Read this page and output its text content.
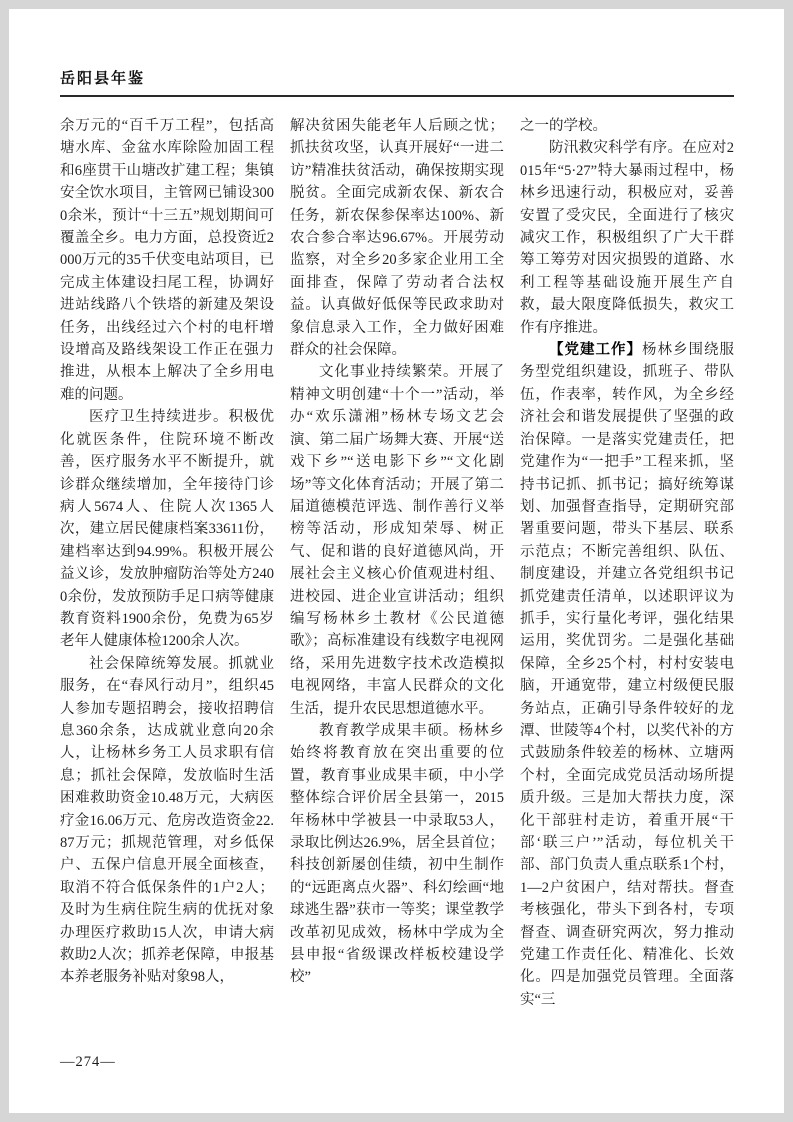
岳阳县年鉴

余万元的“百千万工程”，包括高塘水库、金盆水库除险加固工程和6座贯干山塘改扩建工程；集镇安全饮水项目，主管网已铺设3000余米，预计“十三五”规划期间可覆盖全乡。电力方面，总投资近2000万元的35千伏变电站项目，已完成主体建设扫尾工程，协调好进站线路八个铁塔的新建及架设任务，出线经过六个村的电杆增设增高及路线架设工作正在强力推进，从根本上解决了全乡用电难的问题。

医疗卫生持续进步。积极优化就医条件，住院环境不断改善，医疗服务水平不断提升，就诊群众继续增加，全年接待门诊病人5674人、住院人次1365人次，建立居民健康档案33611份，建档率达到94.99%。积极开展公益义诊，发放肿瘤防治等处方2400余份，发放预防手足口病等健康教育资料1900余份，免费为65岁老年人健康体检1200余人次。

社会保障统筹发展。抓就业服务，在“春风行动月”，组织45人参加专题招聘会，接收招聘信息360余条，达成就业意向20余人，让杨林乡务工人员求职有信息；抓社会保障，发放临时生活困难救助资金10.48万元，大病医疗金16.06万元、危房改造资金22.87万元；抓规范管理，对乡低保户、五保户信息开展全面核查，取消不符合低保条件的1户2人；及时为生病住院生病的优抚对象办理医疗救助15人次，申请大病救助2人次；抓养老保障，申报基本养老服务补贴对象98人，

解决贫困失能老年人后顾之忧；抓扶贫攻坚，认真开展好“一进二访”精准扶贫活动，确保按期实现脱贫。全面完成新农保、新农合任务，新农保参保率达100%、新农合参合率达96.67%。开展劳动监察，对全乡20多家企业用工全面排查，保障了劳动者合法权益。认真做好低保等民政求助对象信息录入工作，全力做好困难群众的社会保障。

文化事业持续繁荣。开展了精神文明创建“十个一”活动，举办“欢乐潇湘”杨林专场文艺会演、第二届广场舞大赛、开展“送戏下乡”“送电影下乡”“文化剧场”等文化体育活动；开展了第二届道德模范评选、制作善行义举榜等活动，形成知荣辱、树正气、促和谐的良好道德风尚，开展社会主义核心价值观进村组、进校园、进企业宣讲活动；组织编写杨林乡土教材《公民道德歌》；高标准建设有线数字电视网络，采用先进数字技术改造模拟电视网络，丰富人民群众的文化生活，提升农民思想道德水平。

教育教学成果丰硕。杨林乡始终将教育放在突出重要的位置，教育事业成果丰硕，中小学整体综合评价居全县第一，2015年杨林中学被县一中录取53人，录取比例达26.9%，居全县首位；科技创新屡创佳绩，初中生制作的“远距离点火器”、科幻绘画“地球逃生器”获市一等奖；课堂教学改革初见成效，杨林中学成为全县申报“省级课改样板校建设学校”

之一的学校。

防汛救灾科学有序。在应对2015年“5·27”特大暴雨过程中，杨林乡迅速行动，积极应对，妥善安置了受灾民，全面进行了核灾减灾工作，积极组织了广大干群筹工筹劳对因灾损毁的道路、水利工程等基础设施开展生产自救，最大限度降低损失，救灾工作有序推进。

【党建工作】杨林乡围绕服务型党组织建设，抓班子、带队伍，作表率，转作风，为全乡经济社会和谐发展提供了坚强的政治保障。一是落实党建责任，把党建作为“一把手”工程来抓，坚持书记抓、抓书记；搞好统筹谋划、加强督查指导，定期研究部署重要问题，带头下基层、联系示范点；不断完善组织、队伍、制度建设，并建立各党组织书记抓党建责任清单，以述职评议为抓手，实行量化考评，强化结果运用，奖优罚劣。二是强化基础保障，全乡25个村，村村安装电脑，开通宽带，建立村级便民服务站点，正确引导条件较好的龙潭、世陵等4个村，以奖代补的方式鼓励条件较差的杨林、立塘两个村，全面完成党员活动场所提质升级。三是加大帮扶力度，深化干部驻村走访，着重开展“干部‘联三户’”活动，每位机关干部、部门负责人重点联系1个村，1—2户贫困户，结对帮扶。督查考核强化，带头下到各村，专项督查、调查研究两次，努力推动党建工作责任化、精准化、长效化。四是加强党员管理。全面落实“三

—274—
